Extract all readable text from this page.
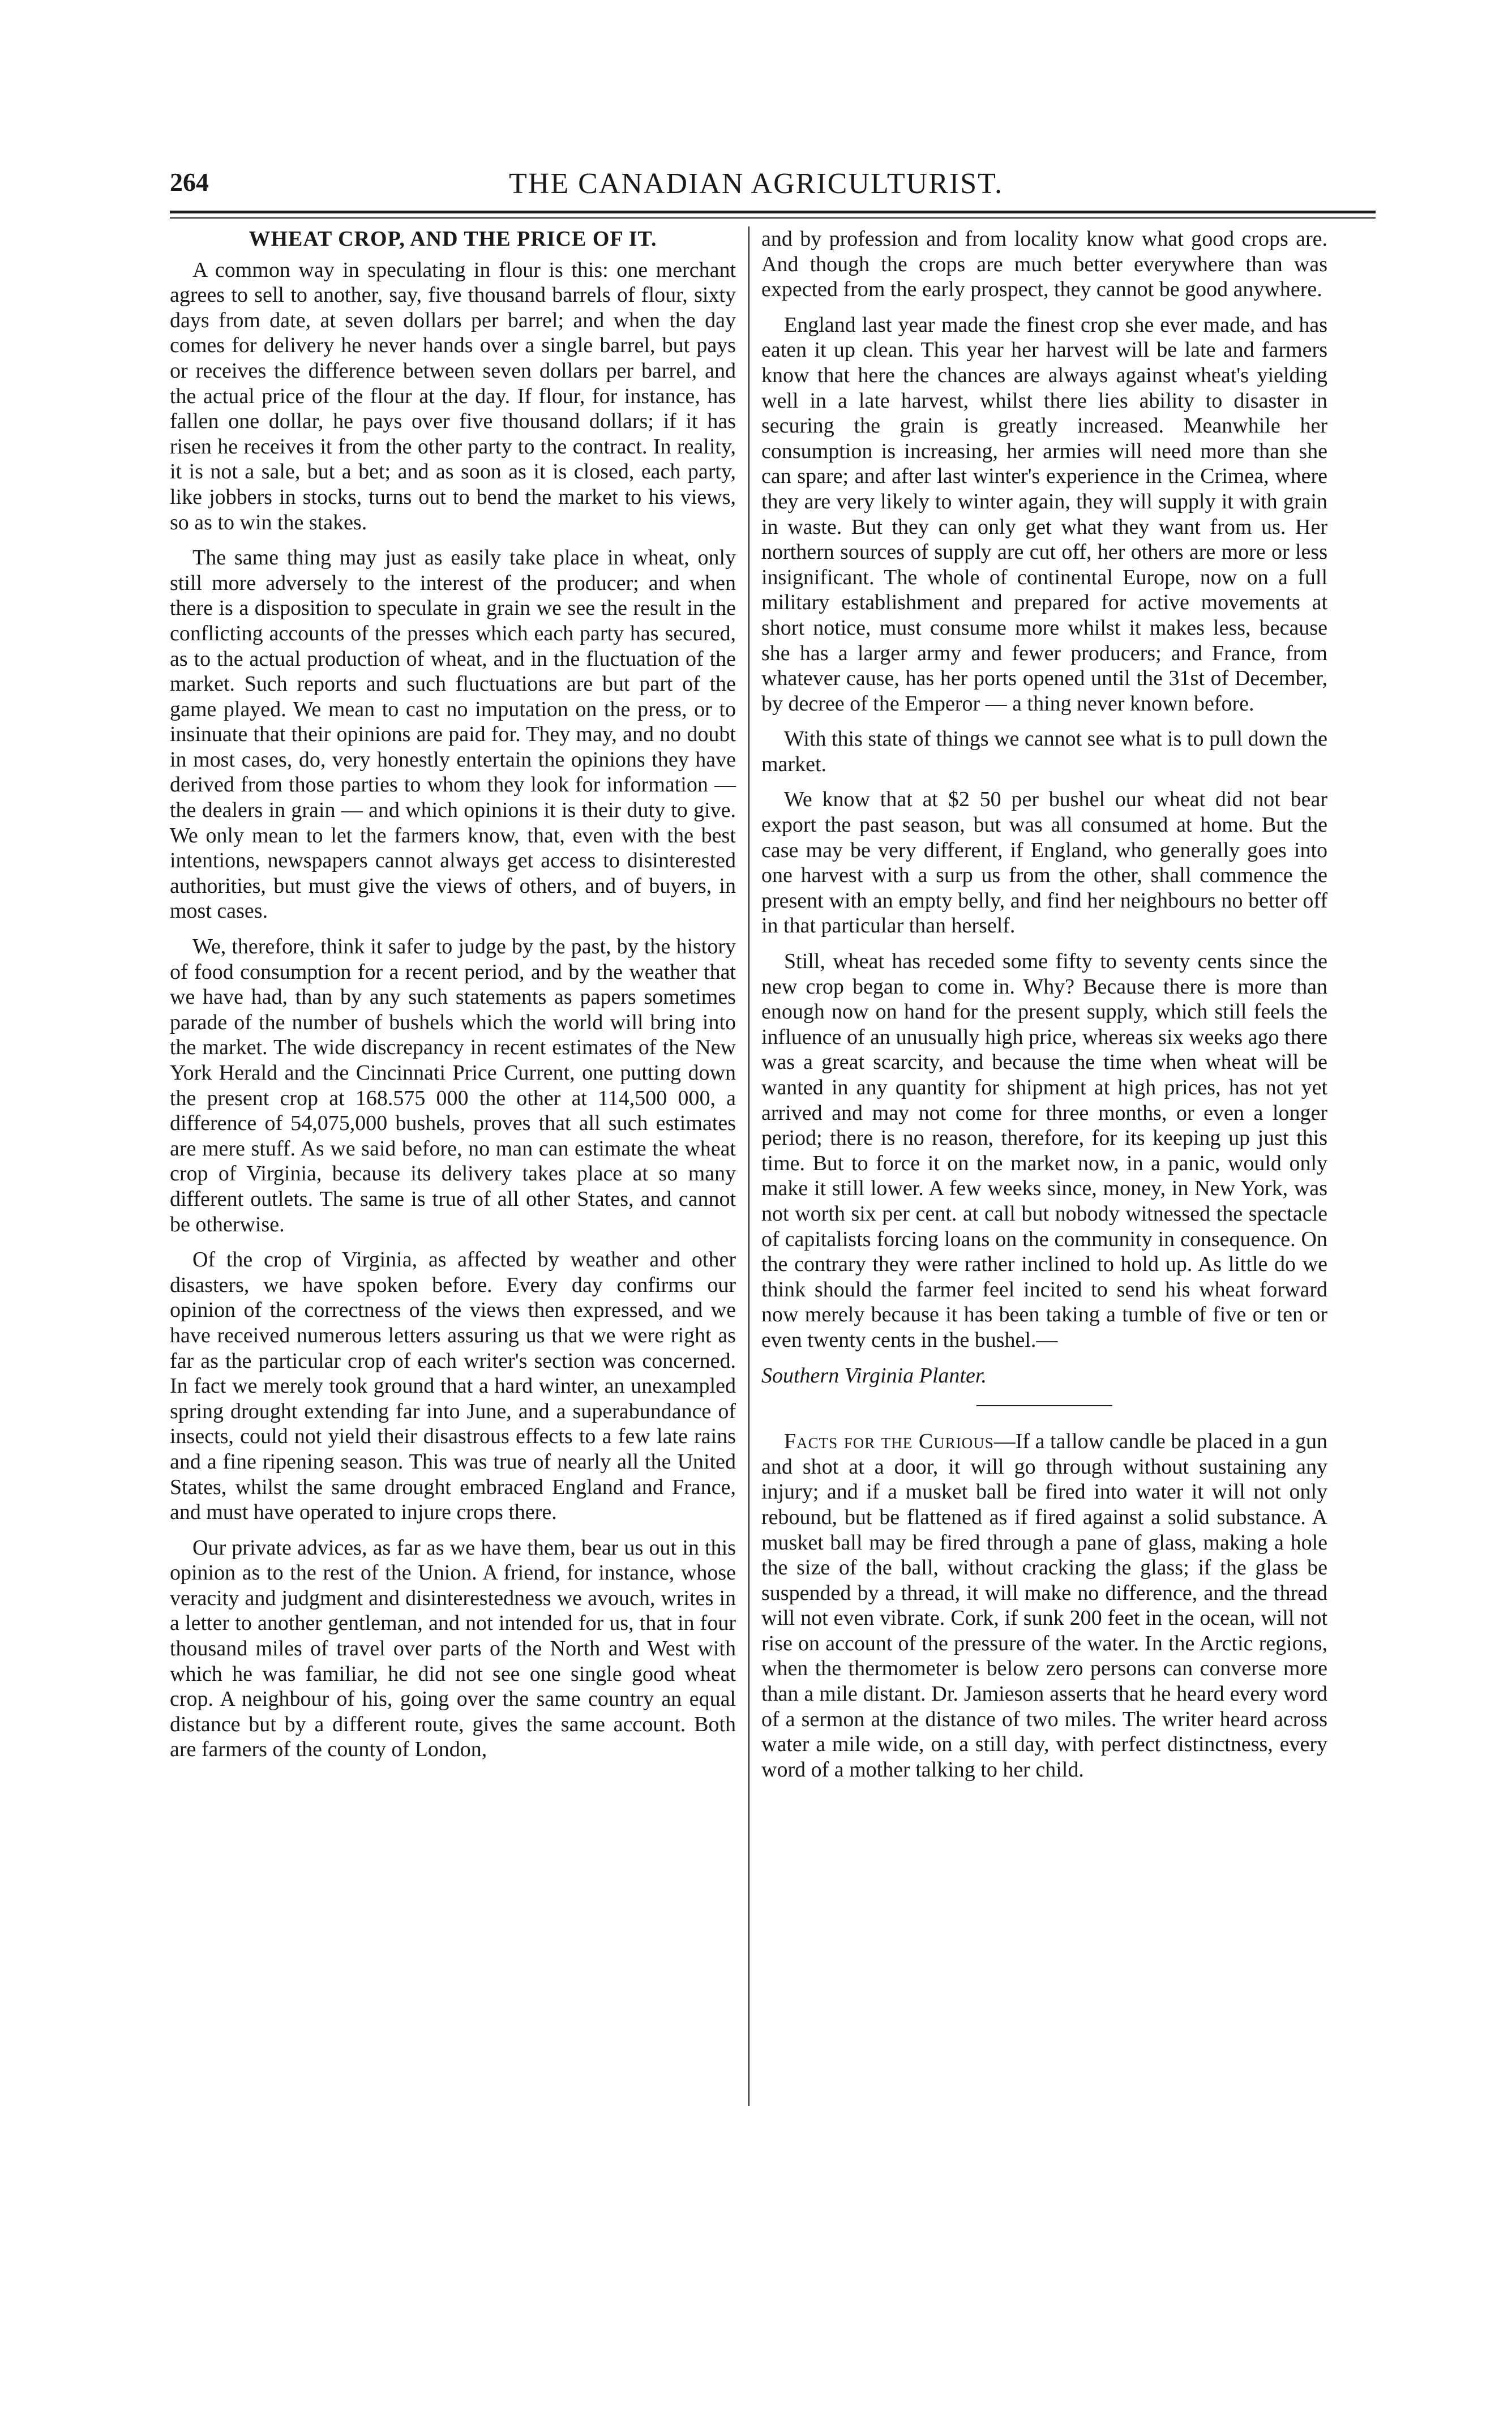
264	THE CANADIAN AGRICULTURIST.
WHEAT CROP, AND THE PRICE OF IT.

A common way in speculating in flour is this: one merchant agrees to sell to another, say, five thousand barrels of flour, sixty days from date, at seven dollars per barrel; and when the day comes for delivery he never hands over a single barrel, but pays or receives the difference between seven dollars per barrel, and the actual price of the flour at the day. If flour, for instance, has fallen one dollar, he pays over five thousand dollars; if it has risen he receives it from the other party to the contract. In reality, it is not a sale, but a bet; and as soon as it is closed, each party, like jobbers in stocks, turns out to bend the market to his views, so as to win the stakes.

The same thing may just as easily take place in wheat, only still more adversely to the interest of the producer; and when there is a disposition to speculate in grain we see the result in the conflicting accounts of the presses which each party has secured, as to the actual production of wheat, and in the fluctuation of the market. Such reports and such fluctuations are but part of the game played. We mean to cast no imputation on the press, or to insinuate that their opinions are paid for. They may, and no doubt in most cases, do, very honestly entertain the opinions they have derived from those parties to whom they look for information — the dealers in grain — and which opinions it is their duty to give. We only mean to let the farmers know, that, even with the best intentions, newspapers cannot always get access to disinterested authorities, but must give the views of others, and of buyers, in most cases.

We, therefore, think it safer to judge by the past, by the history of food consumption for a recent period, and by the weather that we have had, than by any such statements as papers sometimes parade of the number of bushels which the world will bring into the market. The wide discrepancy in recent estimates of the New York Herald and the Cincinnati Price Current, one putting down the present crop at 168.575 000 the other at 114,500 000, a difference of 54,075,000 bushels, proves that all such estimates are mere stuff. As we said before, no man can estimate the wheat crop of Virginia, because its delivery takes place at so many different outlets. The same is true of all other States, and cannot be otherwise.

Of the crop of Virginia, as affected by weather and other disasters, we have spoken before. Every day confirms our opinion of the correctness of the views then expressed, and we have received numerous letters assuring us that we were right as far as the particular crop of each writer's section was concerned. In fact we merely took ground that a hard winter, an unexampled spring drought extending far into June, and a superabundance of insects, could not yield their disastrous effects to a few late rains and a fine ripening season. This was true of nearly all the United States, whilst the same drought embraced England and France, and must have operated to injure crops there.

Our private advices, as far as we have them, bear us out in this opinion as to the rest of the Union. A friend, for instance, whose veracity and judgment and disinterestedness we avouch, writes in a letter to another gentleman, and not intended for us, that in four thousand miles of travel over parts of the North and West with which he was familiar, he did not see one single good wheat crop. A neighbour of his, going over the same country an equal distance but by a different route, gives the same account. Both are farmers of the county of London,

and by profession and from locality know what good crops are. And though the crops are much better everywhere than was expected from the early prospect, they cannot be good anywhere.

England last year made the finest crop she ever made, and has eaten it up clean. This year her harvest will be late and farmers know that here the chances are always against wheat's yielding well in a late harvest, whilst there lies ability to disaster in securing the grain is greatly increased. Meanwhile her consumption is increasing, her armies will need more than she can spare; and after last winter's experience in the Crimea, where they are very likely to winter again, they will supply it with grain in waste. But they can only get what they want from us. Her northern sources of supply are cut off, her others are more or less insignificant. The whole of continental Europe, now on a full military establishment and prepared for active movements at short notice, must consume more whilst it makes less, because she has a larger army and fewer producers; and France, from whatever cause, has her ports opened until the 31st of December, by decree of the Emperor — a thing never known before.

With this state of things we cannot see what is to pull down the market.

We know that at $2 50 per bushel our wheat did not bear export the past season, but was all consumed at home. But the case may be very different, if England, who generally goes into one harvest with a surp us from the other, shall commence the present with an empty belly, and find her neighbours no better off in that particular than herself.

Still, wheat has receded some fifty to seventy cents since the new crop began to come in. Why? Because there is more than enough now on hand for the present supply, which still feels the influence of an unusually high price, whereas six weeks ago there was a great scarcity, and because the time when wheat will be wanted in any quantity for shipment at high prices, has not yet arrived and may not come for three months, or even a longer period; there is no reason, therefore, for its keeping up just this time. But to force it on the market now, in a panic, would only make it still lower. A few weeks since, money, in New York, was not worth six per cent. at call but nobody witnessed the spectacle of capitalists forcing loans on the community in consequence. On the contrary they were rather inclined to hold up. As little do we think should the farmer feel incited to send his wheat forward now merely because it has been taking a tumble of five or ten or even twenty cents in the bushel.—

Southern Virginia Planter.

Facts for the Curious—If a tallow candle be placed in a gun and shot at a door, it will go through without sustaining any injury; and if a musket ball be fired into water it will not only rebound, but be flattened as if fired against a solid substance. A musket ball may be fired through a pane of glass, making a hole the size of the ball, without cracking the glass; if the glass be suspended by a thread, it will make no difference, and the thread will not even vibrate. Cork, if sunk 200 feet in the ocean, will not rise on account of the pressure of the water. In the Arctic regions, when the thermometer is below zero persons can converse more than a mile distant. Dr. Jamieson asserts that he heard every word of a sermon at the distance of two miles. The writer heard across water a mile wide, on a still day, with perfect distinctness, every word of a mother talking to her child.
